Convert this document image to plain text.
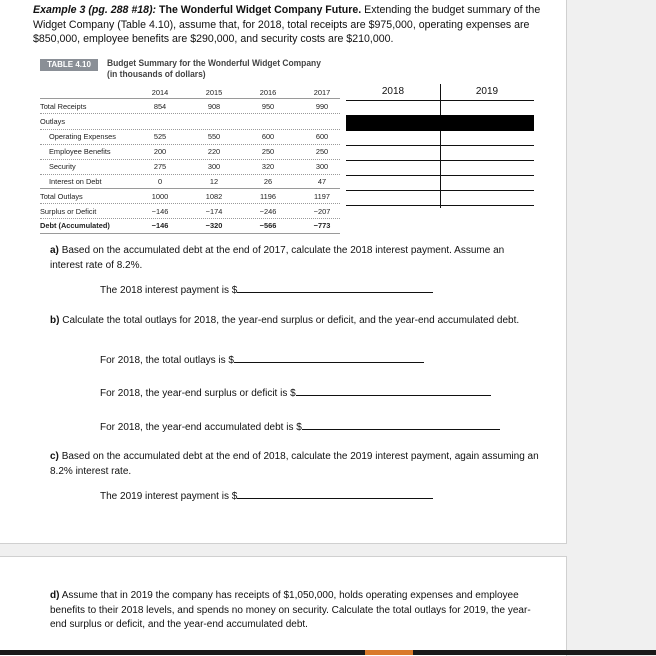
Example 3 (pg. 288 #18): The Wonderful Widget Company Future. Extending the budget summary of the Widget Company (Table 4.10), assume that, for 2018, total receipts are $975,000, operating expenses are $850,000, employee benefits are $290,000, and security costs are $210,000.
TABLE 4.10	Budget Summary for the Wonderful Widget Company
(in thousands of dollars)
2014	2015	2016	2017
Total Receipts	854	908	950	990
Outlays
Operating Expenses	525	550	600	600
Employee Benefits	200	220	250	250
Security	275	300	320	300
Interest on Debt	0	12	26	47
Total Outlays	1000	1082	1196	1197
Surplus or Deficit	−146	−174	−246	−207
Debt (Accumulated)	−146	−320	−566	−773
2018	2019
a) Based on the accumulated debt at the end of 2017, calculate the 2018 interest payment. Assume an interest rate of 8.2%.
The 2018 interest payment is $
b) Calculate the total outlays for 2018, the year-end surplus or deficit, and the year-end accumulated debt.
For 2018, the total outlays is $
For 2018, the year-end surplus or deficit is $
For 2018, the year-end accumulated debt is $
c) Based on the accumulated debt at the end of 2018, calculate the 2019 interest payment, again assuming an 8.2% interest rate.
The 2019 interest payment is $
d) Assume that in 2019 the company has receipts of $1,050,000, holds operating expenses and employee benefits to their 2018 levels, and spends no money on security. Calculate the total outlays for 2019, the year-end surplus or deficit, and the year-end accumulated debt.
